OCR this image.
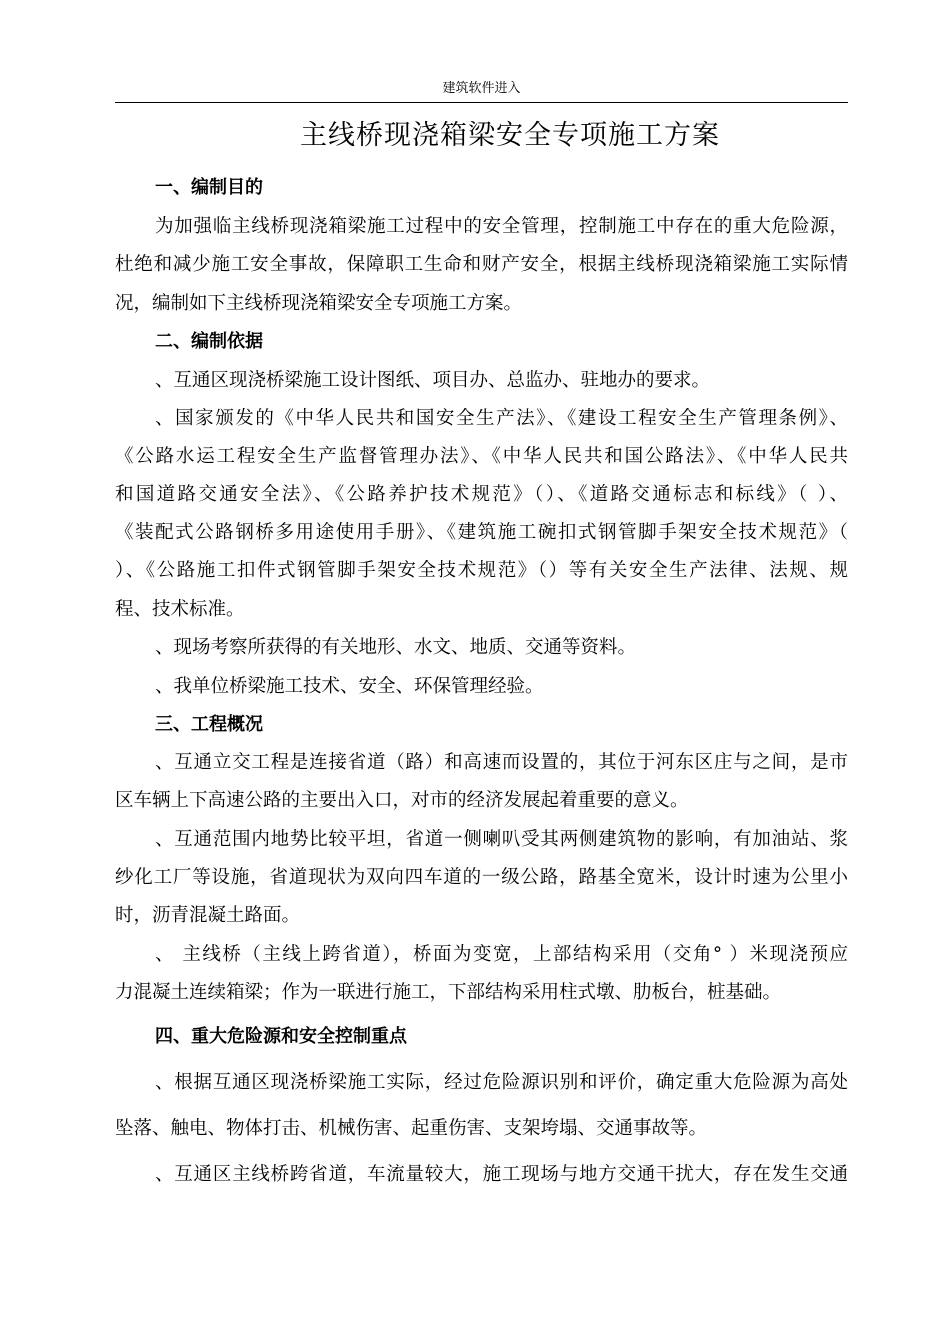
建筑软件进入
主线桥现浇箱梁安全专项施工方案
一、编制目的
为加强临主线桥现浇箱梁施工过程中的安全管理，控制施工中存在的重大危险源，
杜绝和减少施工安全事故，保障职工生命和财产安全，根据主线桥现浇箱梁施工实际情
况，编制如下主线桥现浇箱梁安全专项施工方案。
二、编制依据
、互通区现浇桥梁施工设计图纸、项目办、总监办、驻地办的要求。
、国家颁发的《中华人民共和国安全生产法》、《建设工程安全生产管理条例》、
《公路水运工程安全生产监督管理办法》、《中华人民共和国公路法》、《中华人民共
和国道路交通安全法》、《公路养护技术规范》（）、《道路交通标志和标线》（ ）、
《装配式公路钢桥多用途使用手册》、《建筑施工碗扣式钢管脚手架安全技术规范》（
）、《公路施工扣件式钢管脚手架安全技术规范》（）等有关安全生产法律、法规、规
程、技术标准。
、现场考察所获得的有关地形、水文、地质、交通等资料。
、我单位桥梁施工技术、安全、环保管理经验。
三、工程概况
、互通立交工程是连接省道（路）和高速而设置的，其位于河东区庄与之间，是市
区车辆上下高速公路的主要出入口，对市的经济发展起着重要的意义。
、互通范围内地势比较平坦，省道一侧喇叭受其两侧建筑物的影响，有加油站、浆
纱化工厂等设施，省道现状为双向四车道的一级公路，路基全宽米，设计时速为公里小
时，沥青混凝土路面。
、 主线桥（主线上跨省道），桥面为变宽，上部结构采用（交角° ）米现浇预应
力混凝土连续箱梁；作为一联进行施工，下部结构采用柱式墩、肋板台，桩基础。
四、重大危险源和安全控制重点
、根据互通区现浇桥梁施工实际，经过危险源识别和评价，确定重大危险源为高处
坠落、触电、物体打击、机械伤害、起重伤害、支架垮塌、交通事故等。
、互通区主线桥跨省道，车流量较大，施工现场与地方交通干扰大，存在发生交通
